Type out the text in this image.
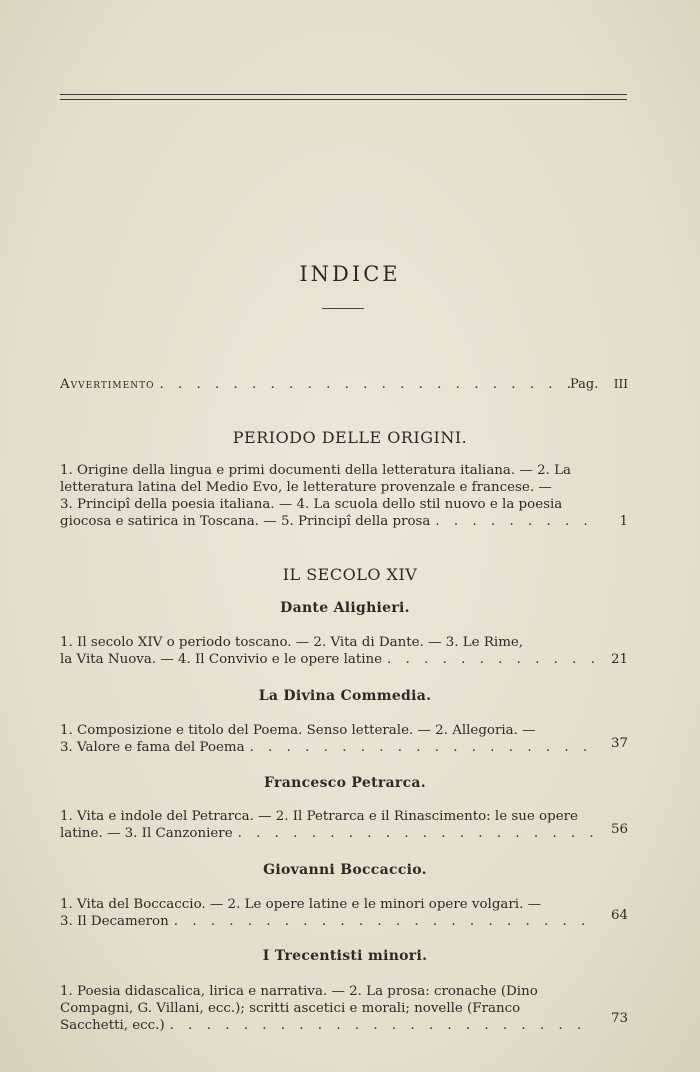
INDICE
Avvertimento . . .	Pag.	III
PERIODO DELLE ORIGINI.
1. Origine della lingua e primi documenti della letteratura italiana. — 2. La
letteratura latina del Medio Evo, le letterature provenzale e francese. —
3. Principî della poesia italiana. — 4. La scuola dello stil nuovo e la poesia
giocosa e satirica in Toscana. — 5. Principî della prosa . . .	1
IL SECOLO XIV
Dante Alighieri.
1. Il secolo XIV o periodo toscano. — 2. Vita di Dante. — 3. Le Rime,
la Vita Nuova. — 4. Il Convivio e le opere latine . . .	21
La Divina Commedia.
1. Composizione e titolo del Poema. Senso letterale. — 2. Allegoria. —
3. Valore e fama del Poema . . .	37
Francesco Petrarca.
1. Vita e indole del Petrarca. — 2. Il Petrarca e il Rinascimento: le sue opere
latine. — 3. Il Canzoniere . . .	56
Giovanni Boccaccio.
1. Vita del Boccaccio. — 2. Le opere latine e le minori opere volgari. —
3. Il Decameron . . .	64
I Trecentisti minori.
1. Poesia didascalica, lirica e narrativa. — 2. La prosa: cronache (Dino
Compagni, G. Villani, ecc.); scritti ascetici e morali; novelle (Franco
Sacchetti, ecc.) . . .	73
